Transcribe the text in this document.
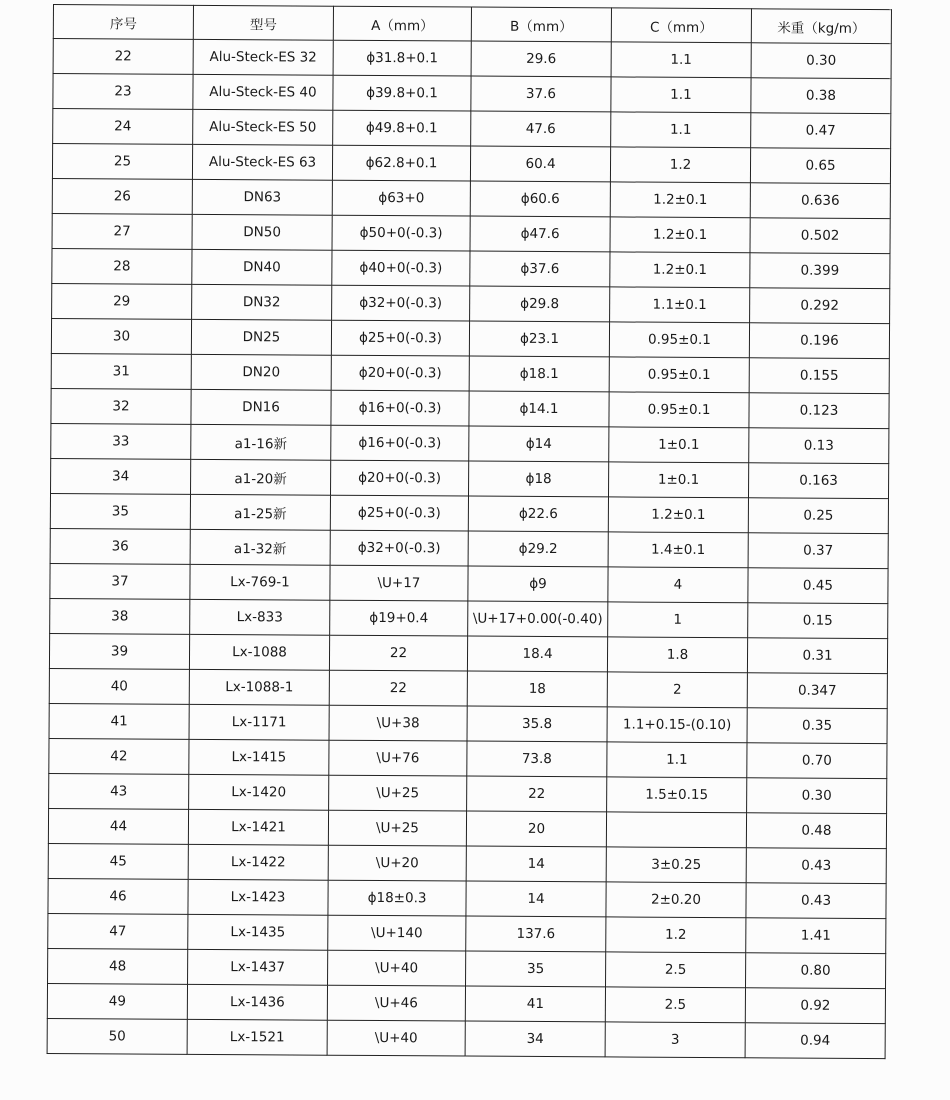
序号	型号	A（mm）	B（mm）	C（mm）	米重（kg/m）
22	Alu-Steck-ES 32	ϕ31.8+0.1	29.6	1.1	0.30
23	Alu-Steck-ES 40	ϕ39.8+0.1	37.6	1.1	0.38
24	Alu-Steck-ES 50	ϕ49.8+0.1	47.6	1.1	0.47
25	Alu-Steck-ES 63	ϕ62.8+0.1	60.4	1.2	0.65
26	DN63	ϕ63+0	ϕ60.6	1.2±0.1	0.636
27	DN50	ϕ50+0(-0.3)	ϕ47.6	1.2±0.1	0.502
28	DN40	ϕ40+0(-0.3)	ϕ37.6	1.2±0.1	0.399
29	DN32	ϕ32+0(-0.3)	ϕ29.8	1.1±0.1	0.292
30	DN25	ϕ25+0(-0.3)	ϕ23.1	0.95±0.1	0.196
31	DN20	ϕ20+0(-0.3)	ϕ18.1	0.95±0.1	0.155
32	DN16	ϕ16+0(-0.3)	ϕ14.1	0.95±0.1	0.123
33	a1-16新	ϕ16+0(-0.3)	ϕ14	1±0.1	0.13
34	a1-20新	ϕ20+0(-0.3)	ϕ18	1±0.1	0.163
35	a1-25新	ϕ25+0(-0.3)	ϕ22.6	1.2±0.1	0.25
36	a1-32新	ϕ32+0(-0.3)	ϕ29.2	1.4±0.1	0.37
37	Lx-769-1	\U+17	ϕ9	4	0.45
38	Lx-833	ϕ19+0.4	\U+17+0.00(-0.40)	1	0.15
39	Lx-1088	22	18.4	1.8	0.31
40	Lx-1088-1	22	18	2	0.347
41	Lx-1171	\U+38	35.8	1.1+0.15-(0.10)	0.35
42	Lx-1415	\U+76	73.8	1.1	0.70
43	Lx-1420	\U+25	22	1.5±0.15	0.30
44	Lx-1421	\U+25	20		0.48
45	Lx-1422	\U+20	14	3±0.25	0.43
46	Lx-1423	ϕ18±0.3	14	2±0.20	0.43
47	Lx-1435	\U+140	137.6	1.2	1.41
48	Lx-1437	\U+40	35	2.5	0.80
49	Lx-1436	\U+46	41	2.5	0.92
50	Lx-1521	\U+40	34	3	0.94
